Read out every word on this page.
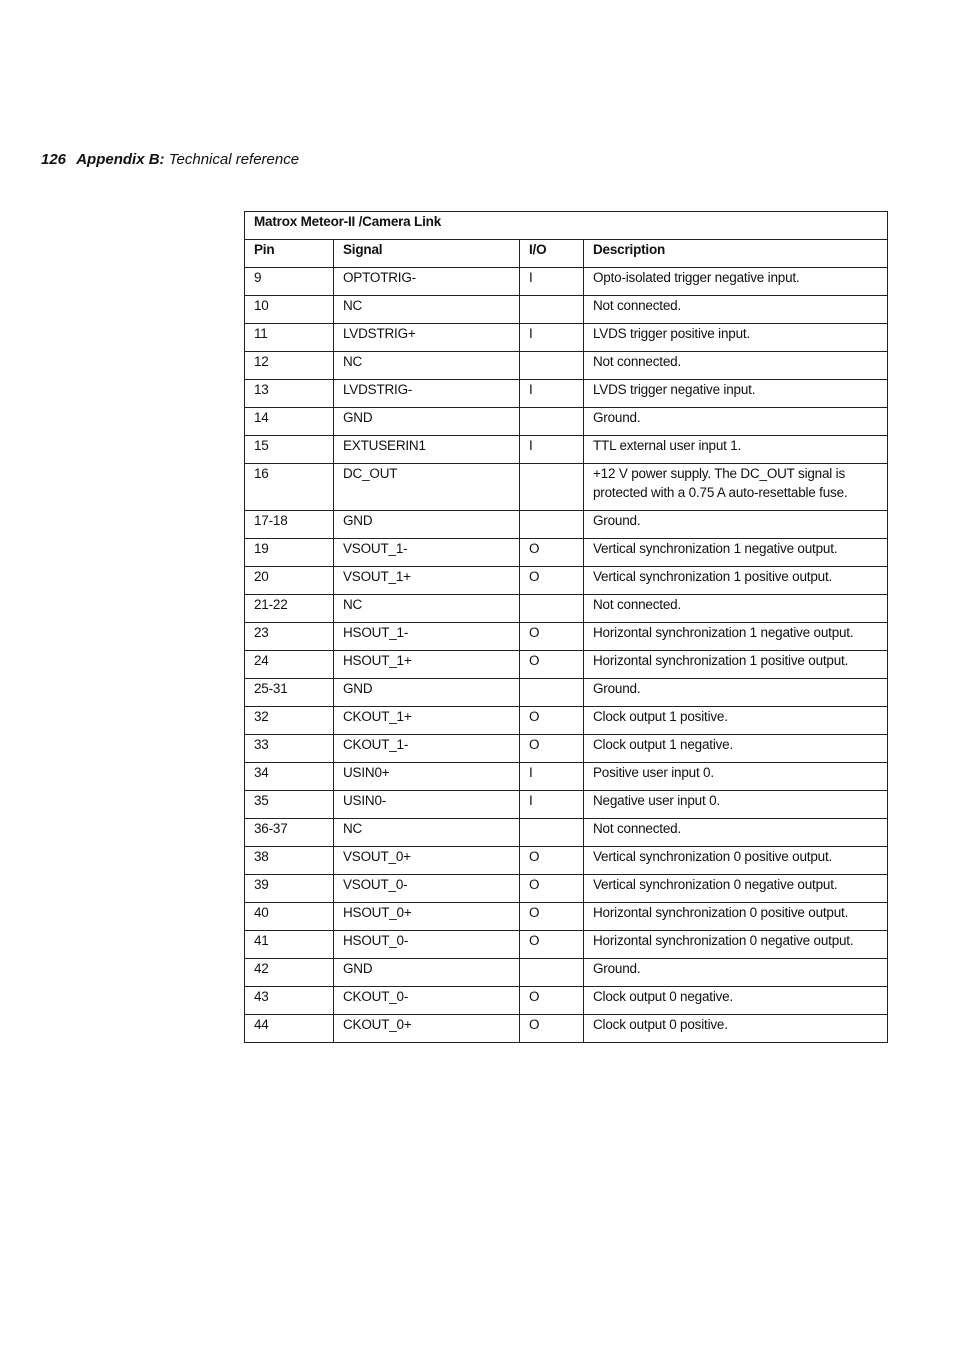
126 Appendix B: Technical reference
Matrox Meteor-II /Camera Link			
Pin	Signal	I/O	Description
9	OPTOTRIG-	I	Opto-isolated trigger negative input.
10	NC		Not connected.
11	LVDSTRIG+	I	LVDS trigger positive input.
12	NC		Not connected.
13	LVDSTRIG-	I	LVDS trigger negative input.
14	GND		Ground.
15	EXTUSERIN1	I	TTL external user input 1.
16	DC_OUT		+12 V power supply. The DC_OUT signal is protected with a 0.75 A auto-resettable fuse.
17-18	GND		Ground.
19	VSOUT_1-	O	Vertical synchronization 1 negative output.
20	VSOUT_1+	O	Vertical synchronization 1 positive output.
21-22	NC		Not connected.
23	HSOUT_1-	O	Horizontal synchronization 1 negative output.
24	HSOUT_1+	O	Horizontal synchronization 1 positive output.
25-31	GND		Ground.
32	CKOUT_1+	O	Clock output 1 positive.
33	CKOUT_1-	O	Clock output 1 negative.
34	USIN0+	I	Positive user input 0.
35	USIN0-	I	Negative user input 0.
36-37	NC		Not connected.
38	VSOUT_0+	O	Vertical synchronization 0 positive output.
39	VSOUT_0-	O	Vertical synchronization 0 negative output.
40	HSOUT_0+	O	Horizontal synchronization 0 positive output.
41	HSOUT_0-	O	Horizontal synchronization 0 negative output.
42	GND		Ground.
43	CKOUT_0-	O	Clock output 0 negative.
44	CKOUT_0+	O	Clock output 0 positive.
